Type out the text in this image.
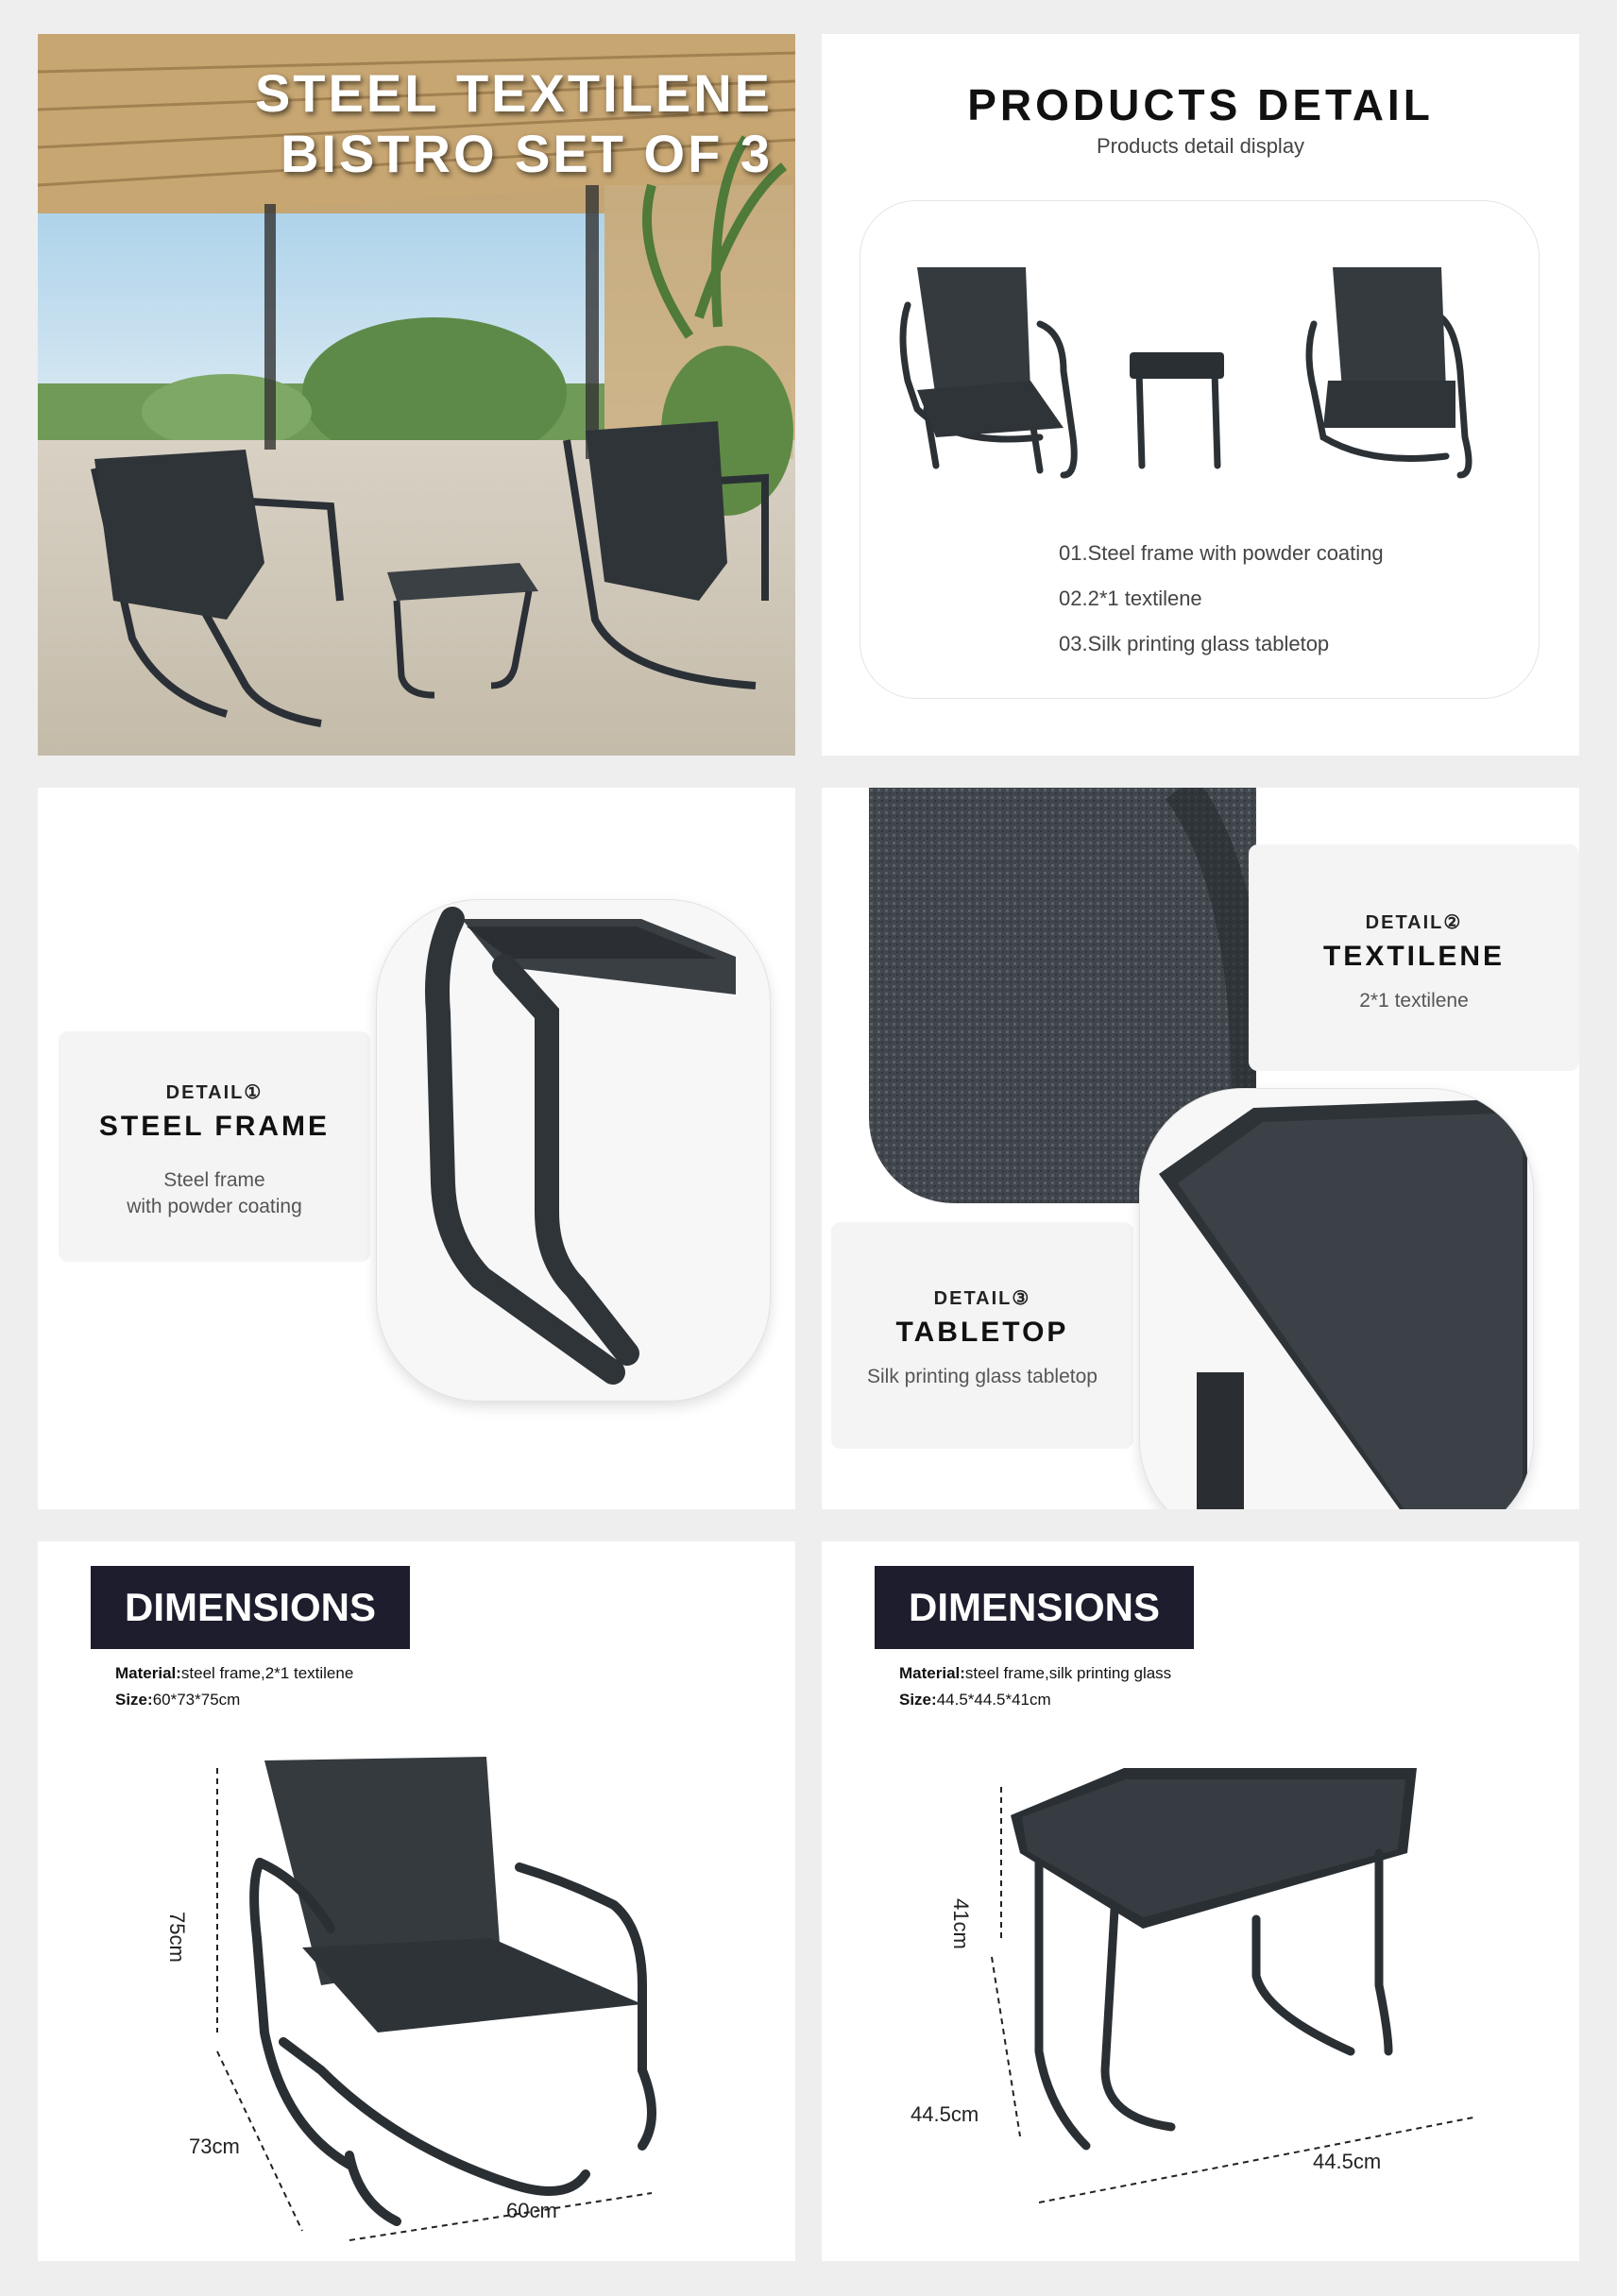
STEEL TEXTILENE
BISTRO SET OF 3
PRODUCTS DETAIL
Products detail display
01.Steel frame with powder coating
02.2*1 textilene
03.Silk printing glass tabletop
DETAIL①
STEEL FRAME
Steel frame
with powder coating
DETAIL②
TEXTILENE
2*1 textilene
DETAIL③
TABLETOP
Silk printing glass tabletop
DIMENSIONS
Material:steel frame,2*1 textilene
Size:60*73*75cm
75cm
73cm
60cm
DIMENSIONS
Material:steel frame,silk printing glass
Size:44.5*44.5*41cm
41cm
44.5cm
44.5cm
